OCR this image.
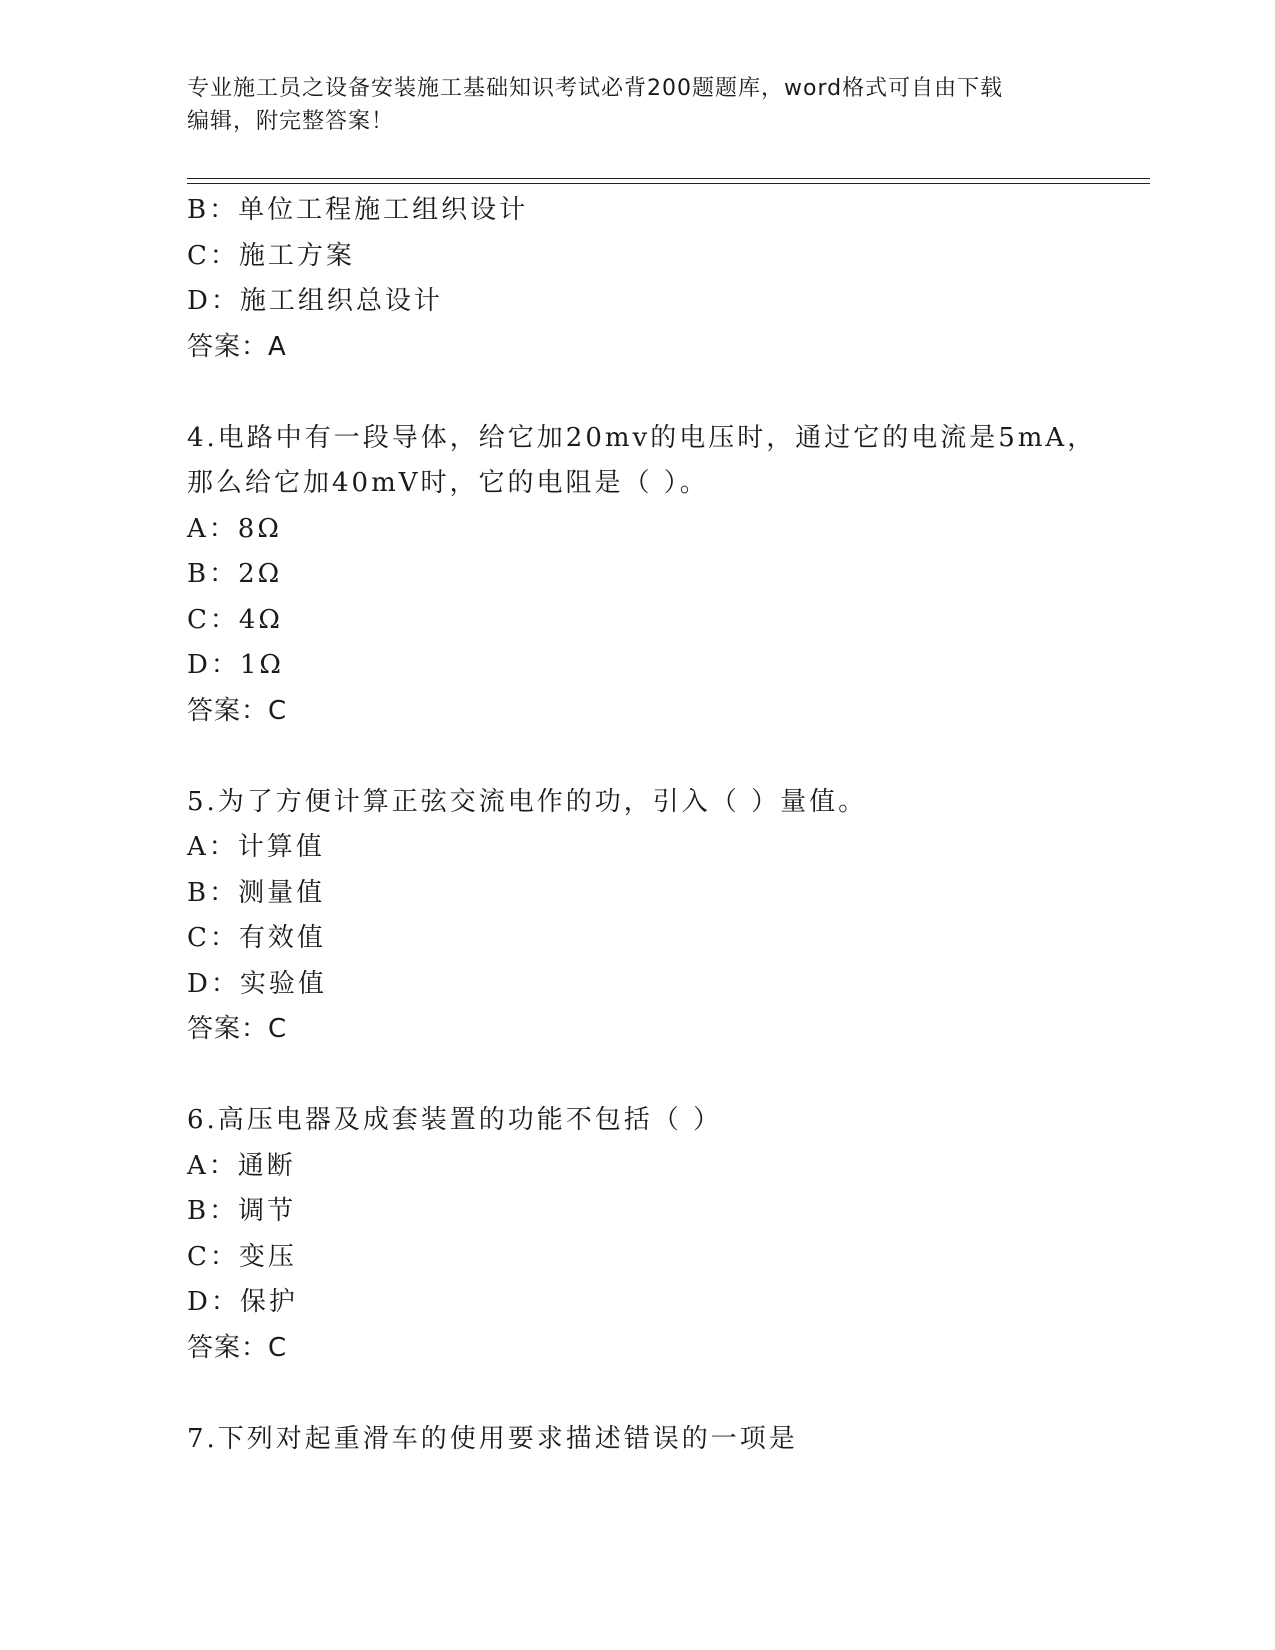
专业施工员之设备安装施工基础知识考试必背200题题库，word格式可自由下载
编辑，附完整答案！
B：单位工程施工组织设计
C：施工方案
D：施工组织总设计
答案：A
4.电路中有一段导体，给它加20mv的电压时，通过它的电流是5mA，
那么给它加40mV时，它的电阻是（ ）。
A：8Ω
B：2Ω
C：4Ω
D：1Ω
答案：C
5.为了方便计算正弦交流电作的功，引入（ ）量值。
A：计算值
B：测量值
C：有效值
D：实验值
答案：C
6.高压电器及成套装置的功能不包括（ ）
A：通断
B：调节
C：变压
D：保护
答案：C
7.下列对起重滑车的使用要求描述错误的一项是
